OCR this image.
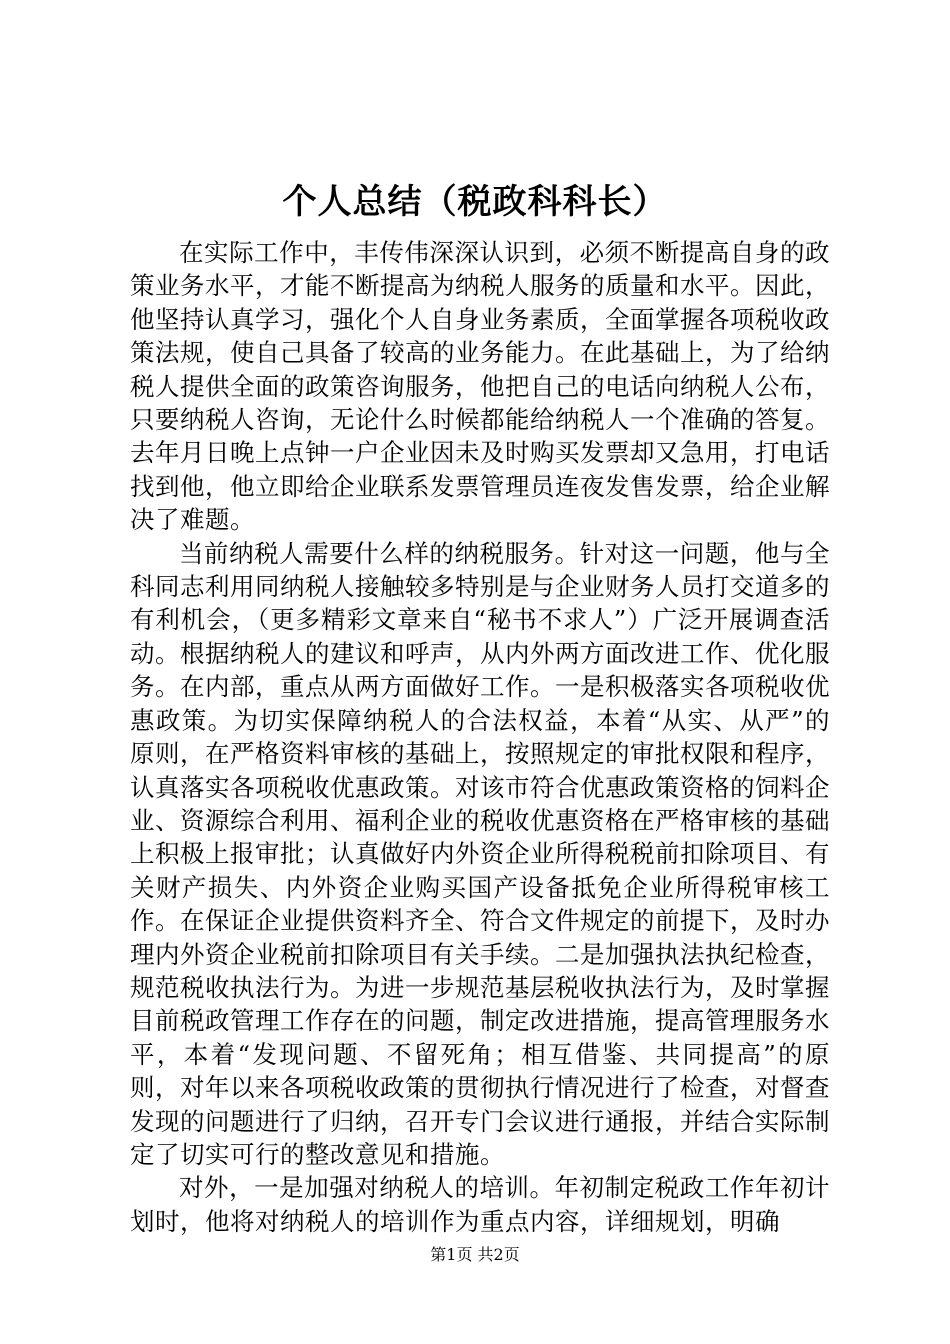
个人总结（税政科科长）

在实际工作中，丰传伟深深认识到，必须不断提高自身的政策业务水平，才能不断提高为纳税人服务的质量和水平。因此，他坚持认真学习，强化个人自身业务素质，全面掌握各项税收政策法规，使自己具备了较高的业务能力。在此基础上，为了给纳税人提供全面的政策咨询服务，他把自己的电话向纳税人公布，只要纳税人咨询，无论什么时候都能给纳税人一个准确的答复。去年月日晚上点钟一户企业因未及时购买发票却又急用，打电话找到他，他立即给企业联系发票管理员连夜发售发票，给企业解决了难题。

当前纳税人需要什么样的纳税服务。针对这一问题，他与全科同志利用同纳税人接触较多特别是与企业财务人员打交道多的有利机会，（更多精彩文章来自“秘书不求人”）广泛开展调查活动。根据纳税人的建议和呼声，从内外两方面改进工作、优化服务。在内部，重点从两方面做好工作。一是积极落实各项税收优惠政策。为切实保障纳税人的合法权益，本着“从实、从严”的原则，在严格资料审核的基础上，按照规定的审批权限和程序，认真落实各项税收优惠政策。对该市符合优惠政策资格的饲料企业、资源综合利用、福利企业的税收优惠资格在严格审核的基础上积极上报审批；认真做好内外资企业所得税税前扣除项目、有关财产损失、内外资企业购买国产设备抵免企业所得税审核工作。在保证企业提供资料齐全、符合文件规定的前提下，及时办理内外资企业税前扣除项目有关手续。二是加强执法执纪检查，规范税收执法行为。为进一步规范基层税收执法行为，及时掌握目前税政管理工作存在的问题，制定改进措施，提高管理服务水平，本着“发现问题、不留死角；相互借鉴、共同提高”的原则，对年以来各项税收政策的贯彻执行情况进行了检查，对督查发现的问题进行了归纳，召开专门会议进行通报，并结合实际制定了切实可行的整改意见和措施。

对外，一是加强对纳税人的培训。年初制定税政工作年初计划时，他将对纳税人的培训作为重点内容，详细规划，明确

第1页 共2页
